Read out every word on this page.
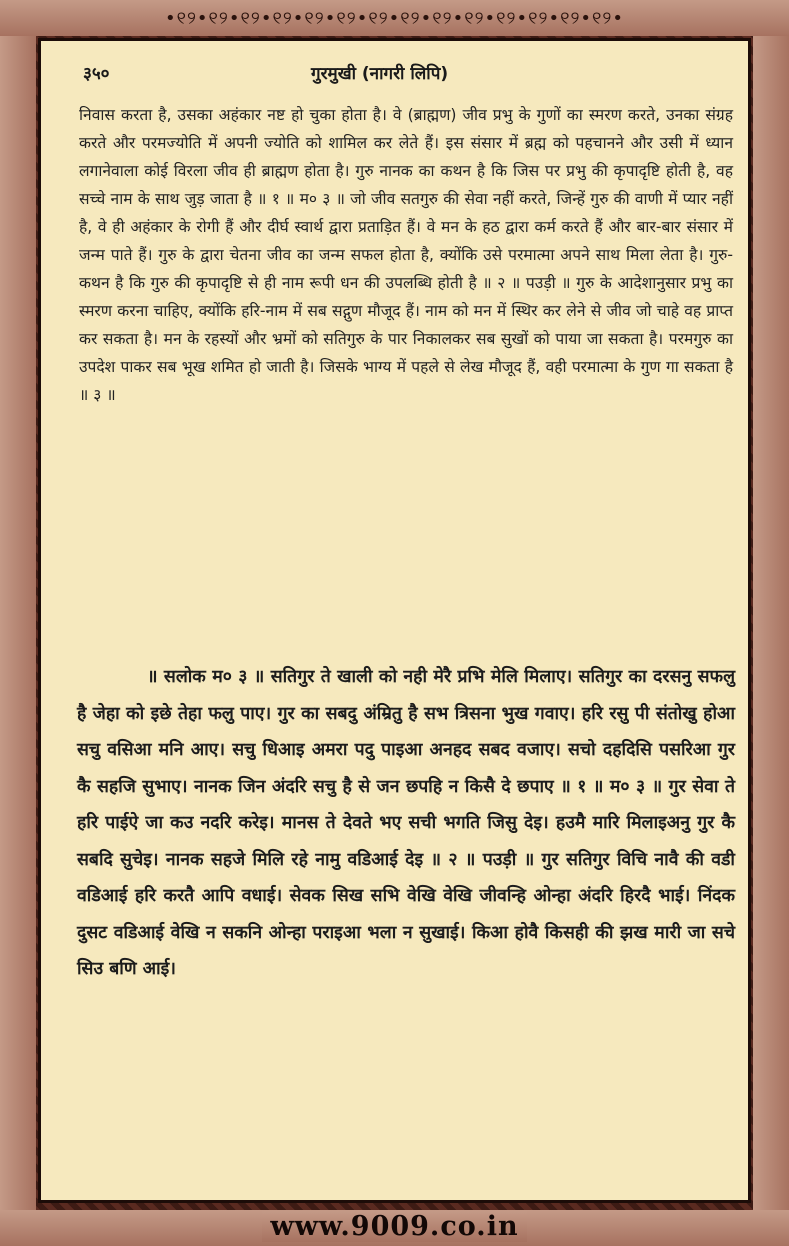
•୧୨•୧୨•୧୨•୧୨•୧୨•୧୨•୧୨•୧୨•୧୨•୧୨•୧୨•୧୨•୧୨•୧୨•
३५०	गुरमुखी (नागरी लिपि)

निवास करता है, उसका अहंकार नष्ट हो चुका होता है। वे (ब्राह्मण) जीव प्रभु के गुणों का स्मरण करते, उनका संग्रह करते और परमज्योति में अपनी ज्योति को शामिल कर लेते हैं। इस संसार में ब्रह्म को पहचानने और उसी में ध्यान लगानेवाला कोई विरला जीव ही ब्राह्मण होता है। गुरु नानक का कथन है कि जिस पर प्रभु की कृपादृष्टि होती है, वह सच्चे नाम के साथ जुड़ जाता है ॥ १ ॥ म० ३ ॥ जो जीव सतगुरु की सेवा नहीं करते, जिन्हें गुरु की वाणी में प्यार नहीं है, वे ही अहंकार के रोगी हैं और दीर्घ स्वार्थ द्वारा प्रताड़ित हैं। वे मन के हठ द्वारा कर्म करते हैं और बार-बार संसार में जन्म पाते हैं। गुरु के द्वारा चेतना जीव का जन्म सफल होता है, क्योंकि उसे परमात्मा अपने साथ मिला लेता है। गुरु-कथन है कि गुरु की कृपादृष्टि से ही नाम रूपी धन की उपलब्धि होती है ॥ २ ॥ पउड़ी ॥ गुरु के आदेशानुसार प्रभु का स्मरण करना चाहिए, क्योंकि हरि-नाम में सब सद्गुण मौजूद हैं। नाम को मन में स्थिर कर लेने से जीव जो चाहे वह प्राप्त कर सकता है। मन के रहस्यों और भ्रमों को सतिगुरु के पार निकालकर सब सुखों को पाया जा सकता है। परमगुरु का उपदेश पाकर सब भूख शमित हो जाती है। जिसके भाग्य में पहले से लेख मौजूद हैं, वही परमात्मा के गुण गा सकता है ॥ ३ ॥

॥ सलोक म० ३ ॥ सतिगुर ते खाली को नही मेरै प्रभि मेलि मिलाए। सतिगुर का दरसनु सफलु है जेहा को इछे तेहा फलु पाए। गुर का सबदु अंम्रितु है सभ त्रिसना भुख गवाए। हरि रसु पी संतोखु होआ सचु वसिआ मनि आए। सचु धिआइ अमरा पदु पाइआ अनहद सबद वजाए। सचो दहदिसि पसरिआ गुर कै सहजि सुभाए। नानक जिन अंदरि सचु है से जन छपहि न किसै दे छपाए ॥ १ ॥ म० ३ ॥ गुर सेवा ते हरि पाईऐ जा कउ नदरि करेइ। मानस ते देवते भए सची भगति जिसु देइ। हउमै मारि मिलाइअनु गुर कै सबदि सुचेइ। नानक सहजे मिलि रहे नामु वडिआई देइ ॥ २ ॥ पउड़ी ॥ गुर सतिगुर विचि नावै की वडी वडिआई हरि करतै आपि वधाई। सेवक सिख सभि वेखि वेखि जीवन्हि ओन्हा अंदरि हिरदै भाई। निंदक दुसट वडिआई वेखि न सकनि ओन्हा पराइआ भला न सुखाई। किआ होवै किसही की झख मारी जा सचे सिउ बणि आई।

www.9009.co.in
